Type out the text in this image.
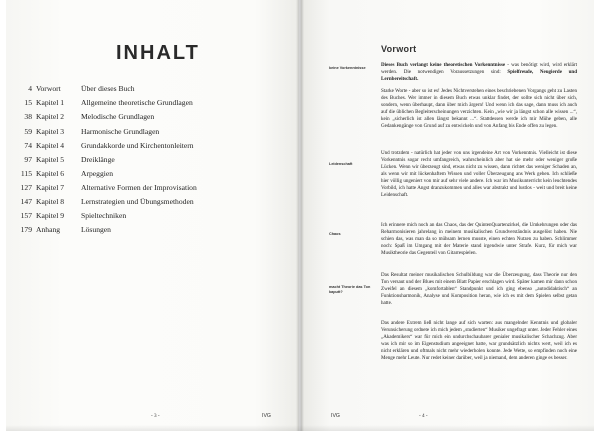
INHALT
4 Vorwort	Über dieses Buch
15 Kapitel 1	Allgemeine theoretische Grundlagen
38 Kapitel 2	Melodische Grundlagen
59 Kapitel 3	Harmonische Grundlagen
74 Kapitel 4	Grundakkorde und Kirchentonleitern
97 Kapitel 5	Dreiklänge
115 Kapitel 6	Arpeggien
127 Kapitel 7	Alternative Formen der Improvisation
147 Kapitel 8	Lernstrategien und Übungsmethoden
157 Kapitel 9	Spieltechniken
179 Anhang	Lösungen
- 3 -	IVG
Vorwort
keine Vorkenntnisse
Leidenschaft
Chaos
macht Theorie das Ton kaputt?
Dieses Buch verlangt keine theoretischen Vorkenntnisse - was benötigt wird, wird erklärt werden. Die notwendigen Voraussetzungen sind: Spielfreude, Neugierde und Lernbereitschaft.
Starke Worte - aber so ist es! Jedes Nichtverstehen eines beschriebenen Vorgangs geht zu Lasten des Buches. Wer immer in diesem Buch etwas unklar findet, der sollte sich nicht über sich, sondern, wenn überhaupt, dann über mich ärgern! Und wenn ich das sage, dann muss ich auch auf die üblichen Begleiterscheinungen verzichten. Kein „wie wir ja längst schon alle wissen ...“, kein „sicherlich ist allen längst bekannt ...“. Stattdessen werde ich mir Mühe geben, alle Gedankengänge von Grund auf zu entwickeln und von Anfang bis Ende offen zu legen.
Und trotzdem - natürlich hat jeder von uns irgendeine Art von Vorkenntnis. Vielleicht ist diese Vorkenntnis sogar recht umfangreich, wahrscheinlich aber hat sie mehr oder weniger große Lücken. Wenn wir überzeugt sind, etwas nicht zu wissen, dann richtet das weniger Schaden an, als wenn wir mit lückenhaftem Wissen und voller Überzeugung ans Werk gehen. Ich schließe hier völlig ungeniert von mir auf sehr viele andere. Ich war im Musikunterricht kein leuchtendes Vorbild, ich hatte Angst dranzukommen und alles war abstrakt und lustlos - weit und breit keine Leidenschaft.
Ich erinnere mich noch an das Chaos, das der QuintenQuartenzirkel, die Umkehrungen oder das Reharmonisieren jahrelang in meinem musikalischen Grundverständnis ausgelöst haben. Nie schien das, was man da so mühsam lernen musste, einen echten Nutzen zu haben. Schlimmer noch: Spaß im Umgang mit der Materie stand irgendwie unter Strafe. Kurz, für mich war Musiktheorie das Gegenteil von Gitarrespielen.
Das Resultat meiner musikalischen Schulbildung war die Überzeugung, dass Theorie nur den Ton versaut und der Blues mit einem Blatt Papier erschlagen wird. Später kamen mir dann schon Zweifel an diesem „komfortablen“ Standpunkt und ich ging ebenso „autodidaktisch“ an Funktionsharmonik, Analyse und Komposition heran, wie ich es mit dem Spielen selbst getan hatte.
Das andere Extrem ließ nicht lange auf sich warten: aus mangelnder Kenntnis und globaler Verunsicherung ordnete ich mich jedem „studierten“ Musiker ungefragt unter. Jeder Fehler eines „Akademikers“ war für mich ein undurchschaubarer genialer musikalischer Schachzug. Aber was ich mir so im Eigenstudium angeeignet hatte, war grundsätzlich nichts wert, weil ich es nicht erklären und oftmals nicht mehr wiederholen konnte. Jede Wette, so empfinden noch eine Menge mehr Leute. Nur redet keiner darüber, weil ja niemand, dem anderen ginge es besser.
IVG	- 4 -
